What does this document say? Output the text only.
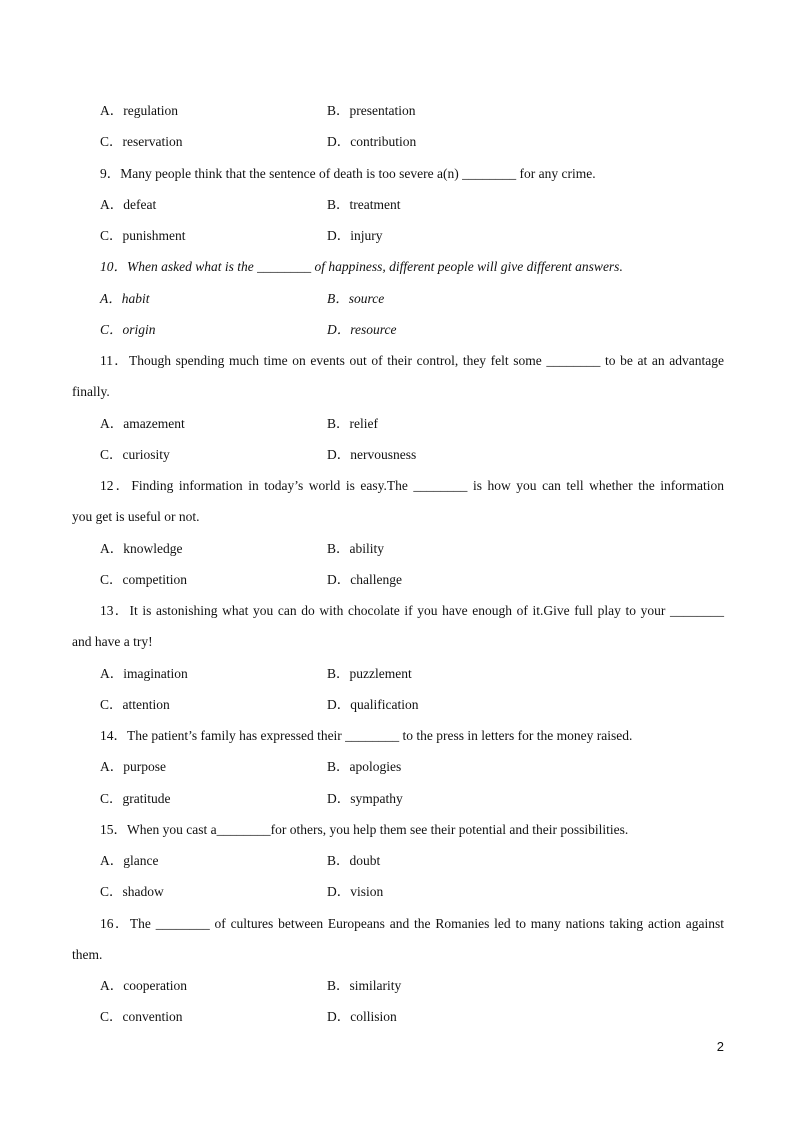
A．regulation	B．presentation
C．reservation	D．contribution
9．Many people think that the sentence of death is too severe a(n) ________ for any crime.
A．defeat	B．treatment
C．punishment	D．injury
10．When asked what is the ________ of happiness, different people will give different answers.
A．habit	B．source
C．origin	D．resource
11．Though spending much time on events out of their control, they felt some ________ to be at an advantage
finally.
A．amazement	B．relief
C．curiosity	D．nervousness
12．Finding information in today’s world is easy.The ________ is how you can tell whether the information
you get is useful or not.
A．knowledge	B．ability
C．competition	D．challenge
13．It is astonishing what you can do with chocolate if you have enough of it.Give full play to your ________
and have a try!
A．imagination	B．puzzlement
C．attention	D．qualification
14．The patient’s family has expressed their ________ to the press in letters for the money raised.
A．purpose	B．apologies
C．gratitude	D．sympathy
15．When you cast a________for others, you help them see their potential and their possibilities.
A．glance	B．doubt
C．shadow	D．vision
16．The ________ of cultures between Europeans and the Romanies led to many nations taking action against
them.
A．cooperation	B．similarity
C．convention	D．collision
2
